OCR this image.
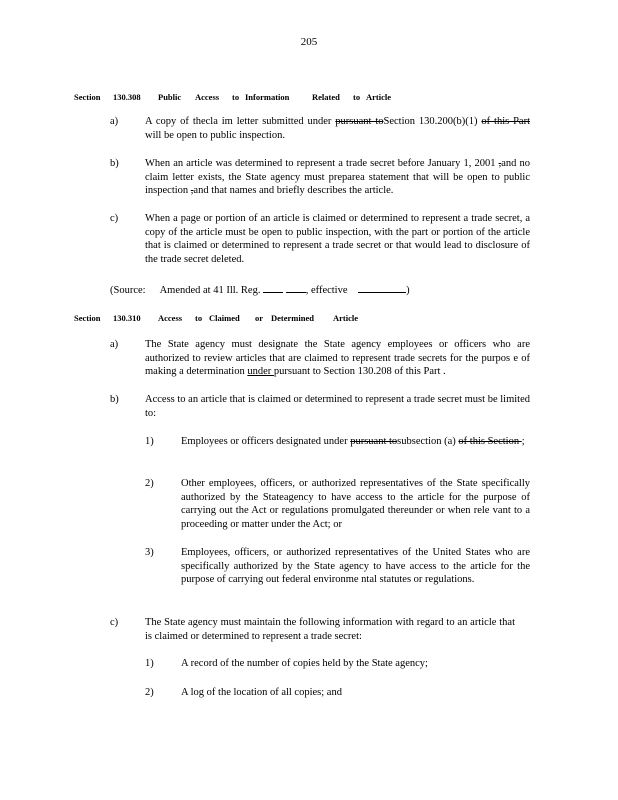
205
Section 130.308 Public Access to Information	Related to Article
a)	A copy of thecla im letter submitted under pursuant toSection 130.200(b)(1) of this Part will be open to public inspection.
b)	When an article was determined to represent a trade secret before January 1, 2001 ,and no claim letter exists, the State agency must preparea statement that will be open to public inspection ,and that names and briefly describes the article.
c)	When a page or portion of an article is claimed or determined to represent a trade secret, a copy of the article must be open to public inspection, with the part or portion of the article that is claimed or determined to represent a trade secret or that would lead to disclosure of the trade secret deleted.
(Source: Amended at 41 Ill. Reg.	, effective	)
Section 130.310 Access to Claimed or Determined Article
a)	The State agency must designate the State agency employees or officers who are authorized to review articles that are claimed to represent trade secrets for the purpos e of making a determination under pursuant to Section 130.208 of this Part .
b)	Access to an article that is claimed or determined to represent a trade secret must be limited to:
1)	Employees or officers designated under pursuant tosubsection (a) of this Section ;
2)	Other employees, officers, or authorized representatives of the State specifically authorized by the Stateagency to have access to the article for the purpose of carrying out the Act or regulations promulgated thereunder or when rele vant to a proceeding or matter under the Act; or
3)	Employees, officers, or authorized representatives of the United States who are specifically authorized by the State agency to have access to the article for the purpose of carrying out federal environme ntal statutes or regulations.
c)	The State agency must maintain the following information with regard to an article that is claimed or determined to represent a trade secret:
1)	A record of the number of copies held by the State agency;
2)	A log of the location of all copies; and
